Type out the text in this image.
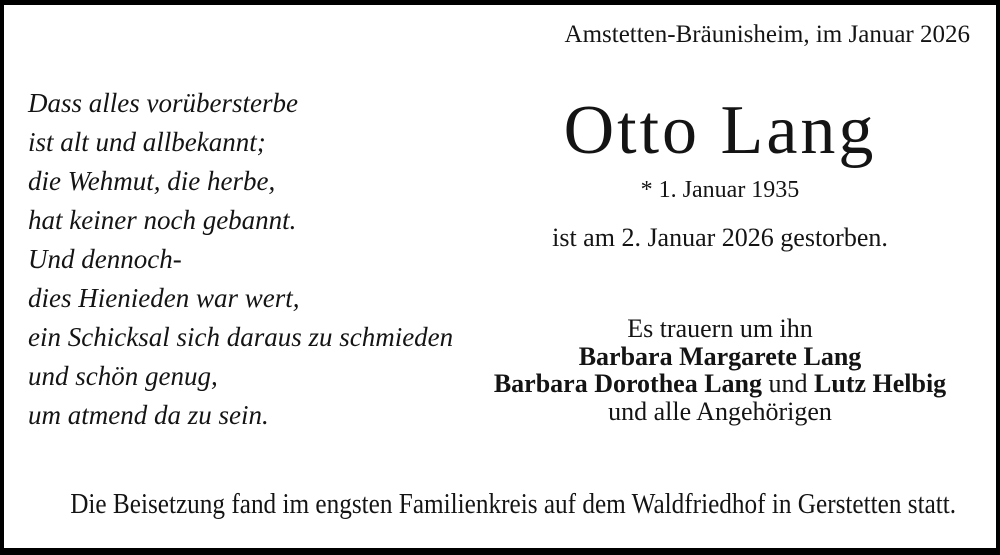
Amstetten-Bräunisheim, im Januar 2026
Dass alles vorübersterbe
ist alt und allbekannt;
die Wehmut, die herbe,
hat keiner noch gebannt.
Und dennoch-
dies Hienieden war wert,
ein Schicksal sich daraus zu schmieden
und schön genug,
um atmend da zu sein.
Otto Lang
* 1. Januar 1935
ist am 2. Januar 2026 gestorben.
Es trauern um ihn
Barbara Margarete Lang
Barbara Dorothea Lang und Lutz Helbig
und alle Angehörigen
Die Beisetzung fand im engsten Familienkreis auf dem Waldfriedhof in Gerstetten statt.
